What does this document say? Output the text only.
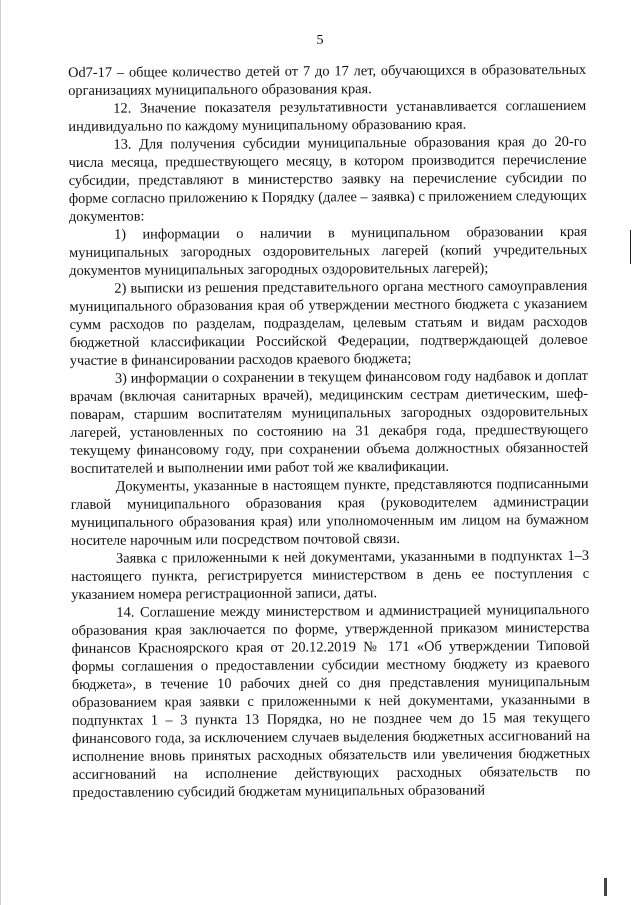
5

Od7-17 – общее количество детей от 7 до 17 лет, обучающихся в образовательных организациях муниципального образования края.

12. Значение показателя результативности устанавливается соглашением индивидуально по каждому муниципальному образованию края.

13. Для получения субсидии муниципальные образования края до 20-го числа месяца, предшествующего месяцу, в котором производится перечисление субсидии, представляют в министерство заявку на перечисление субсидии по форме согласно приложению к Порядку (далее – заявка) с приложением следующих документов:

1) информации о наличии в муниципальном образовании края муниципальных загородных оздоровительных лагерей (копий учредительных документов муниципальных загородных оздоровительных лагерей);

2) выписки из решения представительного органа местного самоуправления муниципального образования края об утверждении местного бюджета с указанием сумм расходов по разделам, подразделам, целевым статьям и видам расходов бюджетной классификации Российской Федерации, подтверждающей долевое участие в финансировании расходов краевого бюджета;

3) информации о сохранении в текущем финансовом году надбавок и доплат врачам (включая санитарных врачей), медицинским сестрам диетическим, шеф-поварам, старшим воспитателям муниципальных загородных оздоровительных лагерей, установленных по состоянию на 31 декабря года, предшествующего текущему финансовому году, при сохранении объема должностных обязанностей воспитателей и выполнении ими работ той же квалификации.

Документы, указанные в настоящем пункте, представляются подписанными главой муниципального образования края (руководителем администрации муниципального образования края) или уполномоченным им лицом на бумажном носителе нарочным или посредством почтовой связи.

Заявка с приложенными к ней документами, указанными в подпунктах 1–3 настоящего пункта, регистрируется министерством в день ее поступления с указанием номера регистрационной записи, даты.

14. Соглашение между министерством и администрацией муниципального образования края заключается по форме, утвержденной приказом министерства финансов Красноярского края от 20.12.2019 № 171 «Об утверждении Типовой формы соглашения о предоставлении субсидии местному бюджету из краевого бюджета», в течение 10 рабочих дней со дня представления муниципальным образованием края заявки с приложенными к ней документами, указанными в подпунктах 1 – 3 пункта 13 Порядка, но не позднее чем до 15 мая текущего финансового года, за исключением случаев выделения бюджетных ассигнований на исполнение вновь принятых расходных обязательств или увеличения бюджетных ассигнований на исполнение действующих расходных обязательств по предоставлению субсидий бюджетам муниципальных образований
